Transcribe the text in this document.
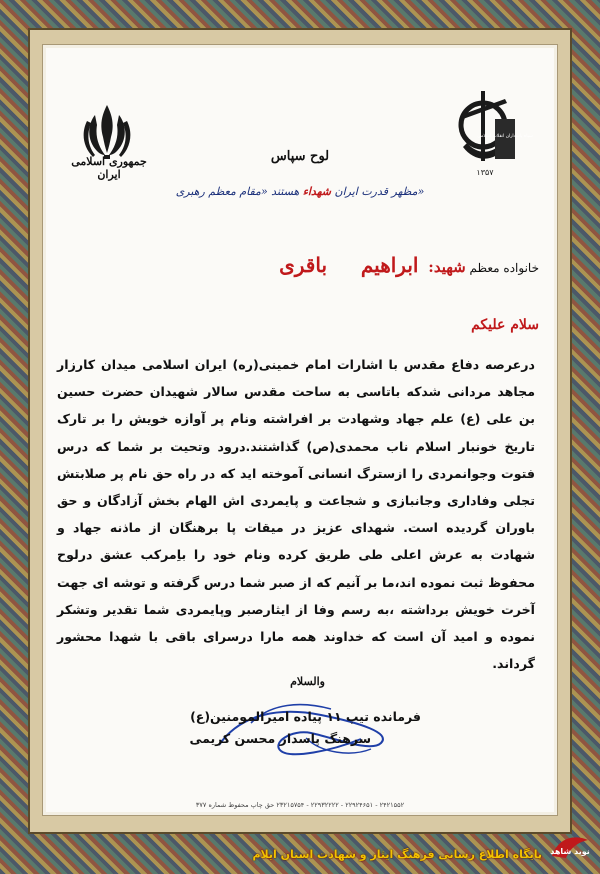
جمهوری اسلامی ایران
سپاه پاسداران انقلاب اسلامی
۱۳۵۷
لوح سپاس
مظهر قدرت ایران شهداء هستند «مقام معظم رهبری»
خانواده معظم شهید: ابراهیم باقری
سلام علیکم
درعرصه دفاع مقدس با اشارات امام خمینی(ره) ایران اسلامی میدان کارزار مجاهد مردانی شدکه باتاسی به ساحت مقدس سالار شهیدان حضرت حسین بن علی (ع) علم جهاد وشهادت بر افراشته ونام پر آوازه خویش را بر تارک تاریخ خونبار اسلام ناب محمدی(ص) گذاشتند.درود وتحیت بر شما که درس فتوت وجوانمردی را ازسترگ انسانی آموخته اید که در راه حق نام پر صلابتش تجلی وفاداری وجانبازی و شجاعت و پایمردی اش الهام بخش آزادگان و حق باوران گردیده است. شهدای عزیز در میقات پا برهنگان از ماذنه جهاد و شهادت به عرش اعلی طی طریق کرده ونام خود را باِمرکب عشق درلوح محفوظ ثبت نموده اند،ما بر آنیم که از صبر شما درس گرفته و توشه ای جهت آخرت خویش برداشته ،به رسم وفا از ایثارصبر وپایمردی شما تقدیر وتشکر نموده و امید آن است که خداوند همه مارا درسرای باقی با شهدا محشور گرداند.
والسلام
فرمانده تیپ ۱۱ پیاده امیرالمومنین(ع)
سرهنگ پاسدار محسن کریمی
۲۴۲۱۵۵۲ - ۲۲۹۲۴۶۵۱ - ۲۲۹۳۲۲۲۲ - ۲۳۲۱۵۷۵۴ حق چاپ محفوظ شماره ۳۷۷
نوید شاهد
پایگاه اطلاع رسانی فرهنگ ایثار و شهادت استان ایلام
